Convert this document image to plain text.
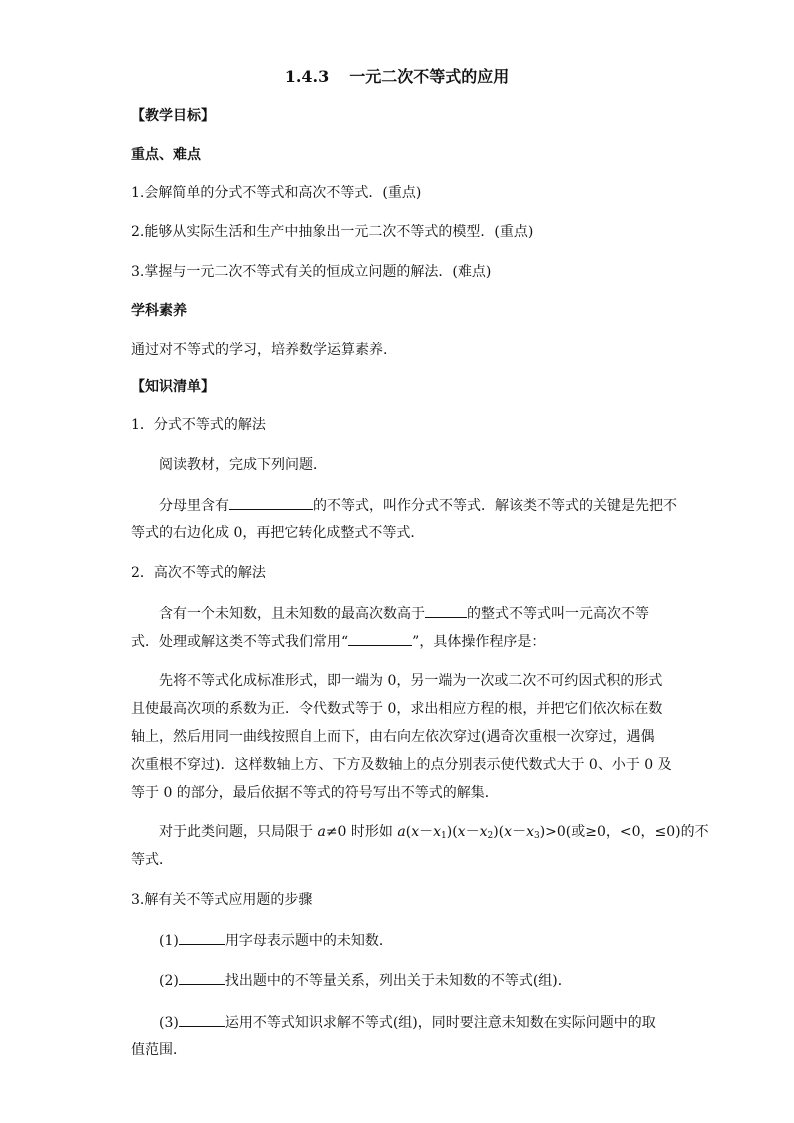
1.4.3 一元二次不等式的应用
【教学目标】
重点、难点
1.会解简单的分式不等式和高次不等式．(重点)
2.能够从实际生活和生产中抽象出一元二次不等式的模型．(重点)
3.掌握与一元二次不等式有关的恒成立问题的解法．(难点)
学科素养
通过对不等式的学习，培养数学运算素养.
【知识清单】
1．分式不等式的解法
阅读教材，完成下列问题．
分母里含有	的不等式，叫作分式不等式．解该类不等式的关键是先把不
等式的右边化成 0，再把它转化成整式不等式．
2．高次不等式的解法
含有一个未知数，且未知数的最高次数高于	的整式不等式叫一元高次不等
式．处理或解这类不等式我们常用“	”，具体操作程序是：
先将不等式化成标准形式，即一端为 0，另一端为一次或二次不可约因式积的形式
且使最高次项的系数为正．令代数式等于 0，求出相应方程的根，并把它们依次标在数
轴上，然后用同一曲线按照自上而下，由右向左依次穿过(遇奇次重根一次穿过，遇偶
次重根不穿过)．这样数轴上方、下方及数轴上的点分别表示使代数式大于 0、小于 0 及
等于 0 的部分，最后依据不等式的符号写出不等式的解集．
对于此类问题，只局限于 a≠0 时形如 $a(x-x_1)(x-x_2)(x-x_3)>0$(或≥0，<0，≤0)的不
等式．
3.解有关不等式应用题的步骤
(1)	用字母表示题中的未知数．
(2)	找出题中的不等量关系，列出关于未知数的不等式(组)．
(3)	运用不等式知识求解不等式(组)，同时要注意未知数在实际问题中的取
值范围．
